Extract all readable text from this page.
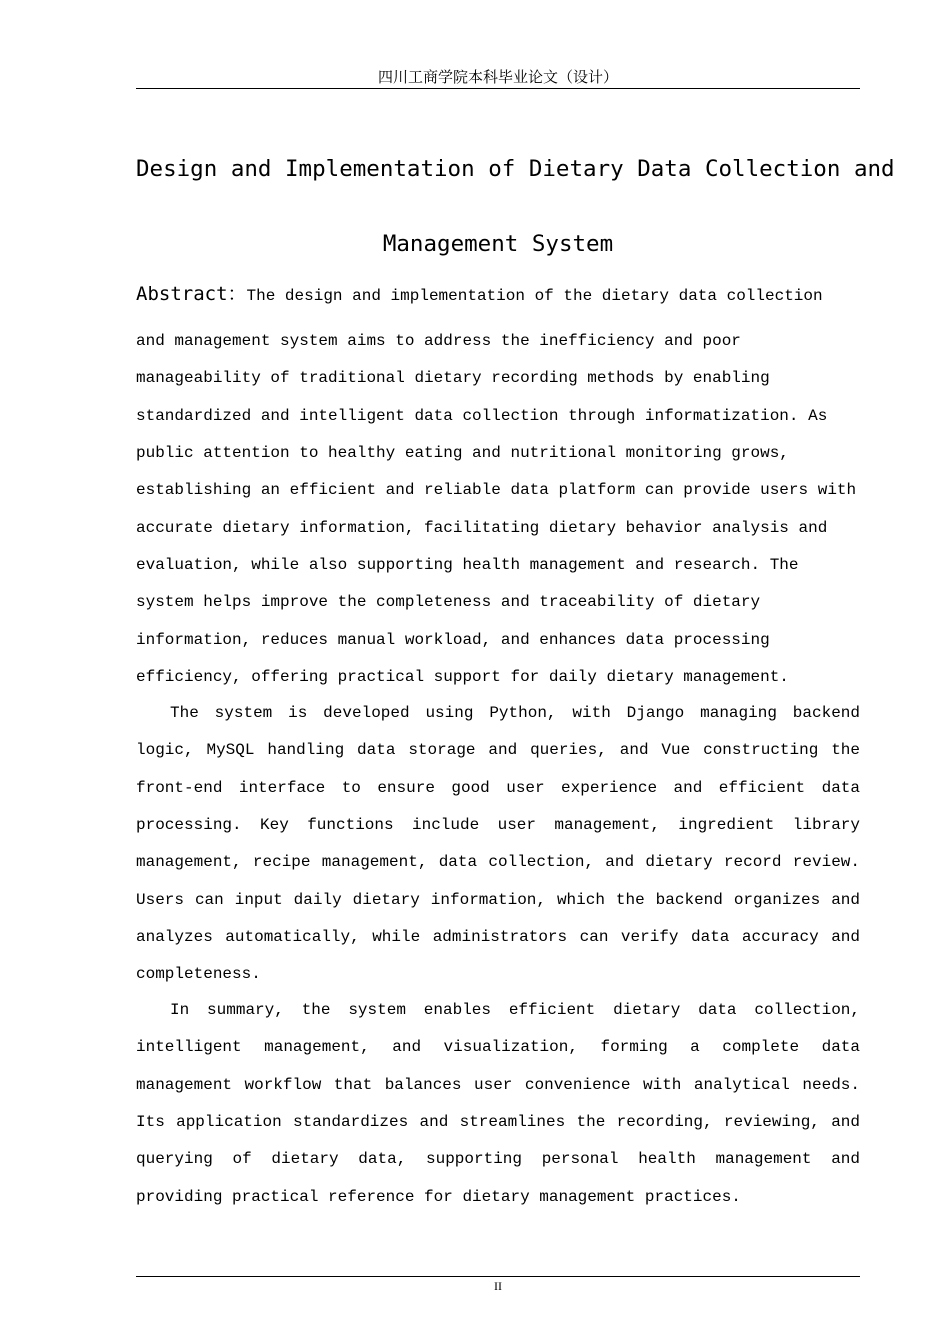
四川工商学院本科毕业论文（设计）
Design and Implementation of Dietary Data Collection and
Management System
Abstract：The design and implementation of the dietary data collection
and management system aims to address the inefficiency and poor
manageability of traditional dietary recording methods by enabling
standardized and intelligent data collection through informatization. As
public attention to healthy eating and nutritional monitoring grows,
establishing an efficient and reliable data platform can provide users with
accurate dietary information, facilitating dietary behavior analysis and
evaluation, while also supporting health management and research. The
system helps improve the completeness and traceability of dietary
information, reduces manual workload, and enhances data processing
efficiency, offering practical support for daily dietary management.
The system is developed using Python, with Django managing backend
logic, MySQL handling data storage and queries, and Vue constructing the
front-end interface to ensure good user experience and efficient data
processing. Key functions include user management, ingredient library
management, recipe management, data collection, and dietary record review.
Users can input daily dietary information, which the backend organizes and
analyzes automatically, while administrators can verify data accuracy and
completeness.
In summary, the system enables efficient dietary data collection,
intelligent management, and visualization, forming a complete data
management workflow that balances user convenience with analytical needs.
Its application standardizes and streamlines the recording, reviewing, and
querying of dietary data, supporting personal health management and
providing practical reference for dietary management practices.
II
